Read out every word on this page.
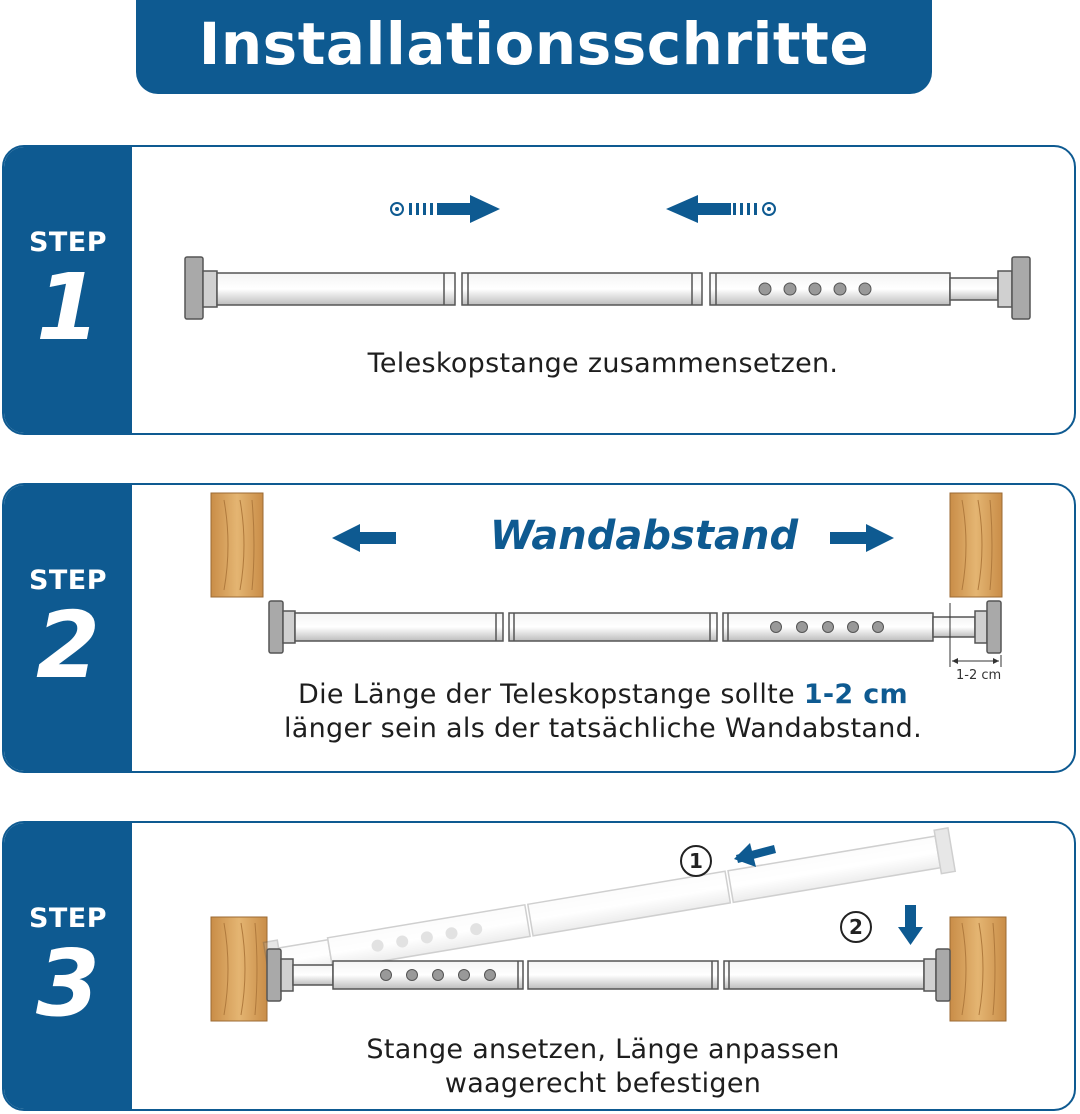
Installationsschritte
STEP
1
Teleskopstange zusammensetzen.
STEP
2
Wandabstand
1-2 cm
Die Länge der Teleskopstange sollte 1-2 cm
länger sein als der tatsächliche Wandabstand.
STEP
3
1
2
Stange ansetzen, Länge anpassen
waagerecht befestigen
